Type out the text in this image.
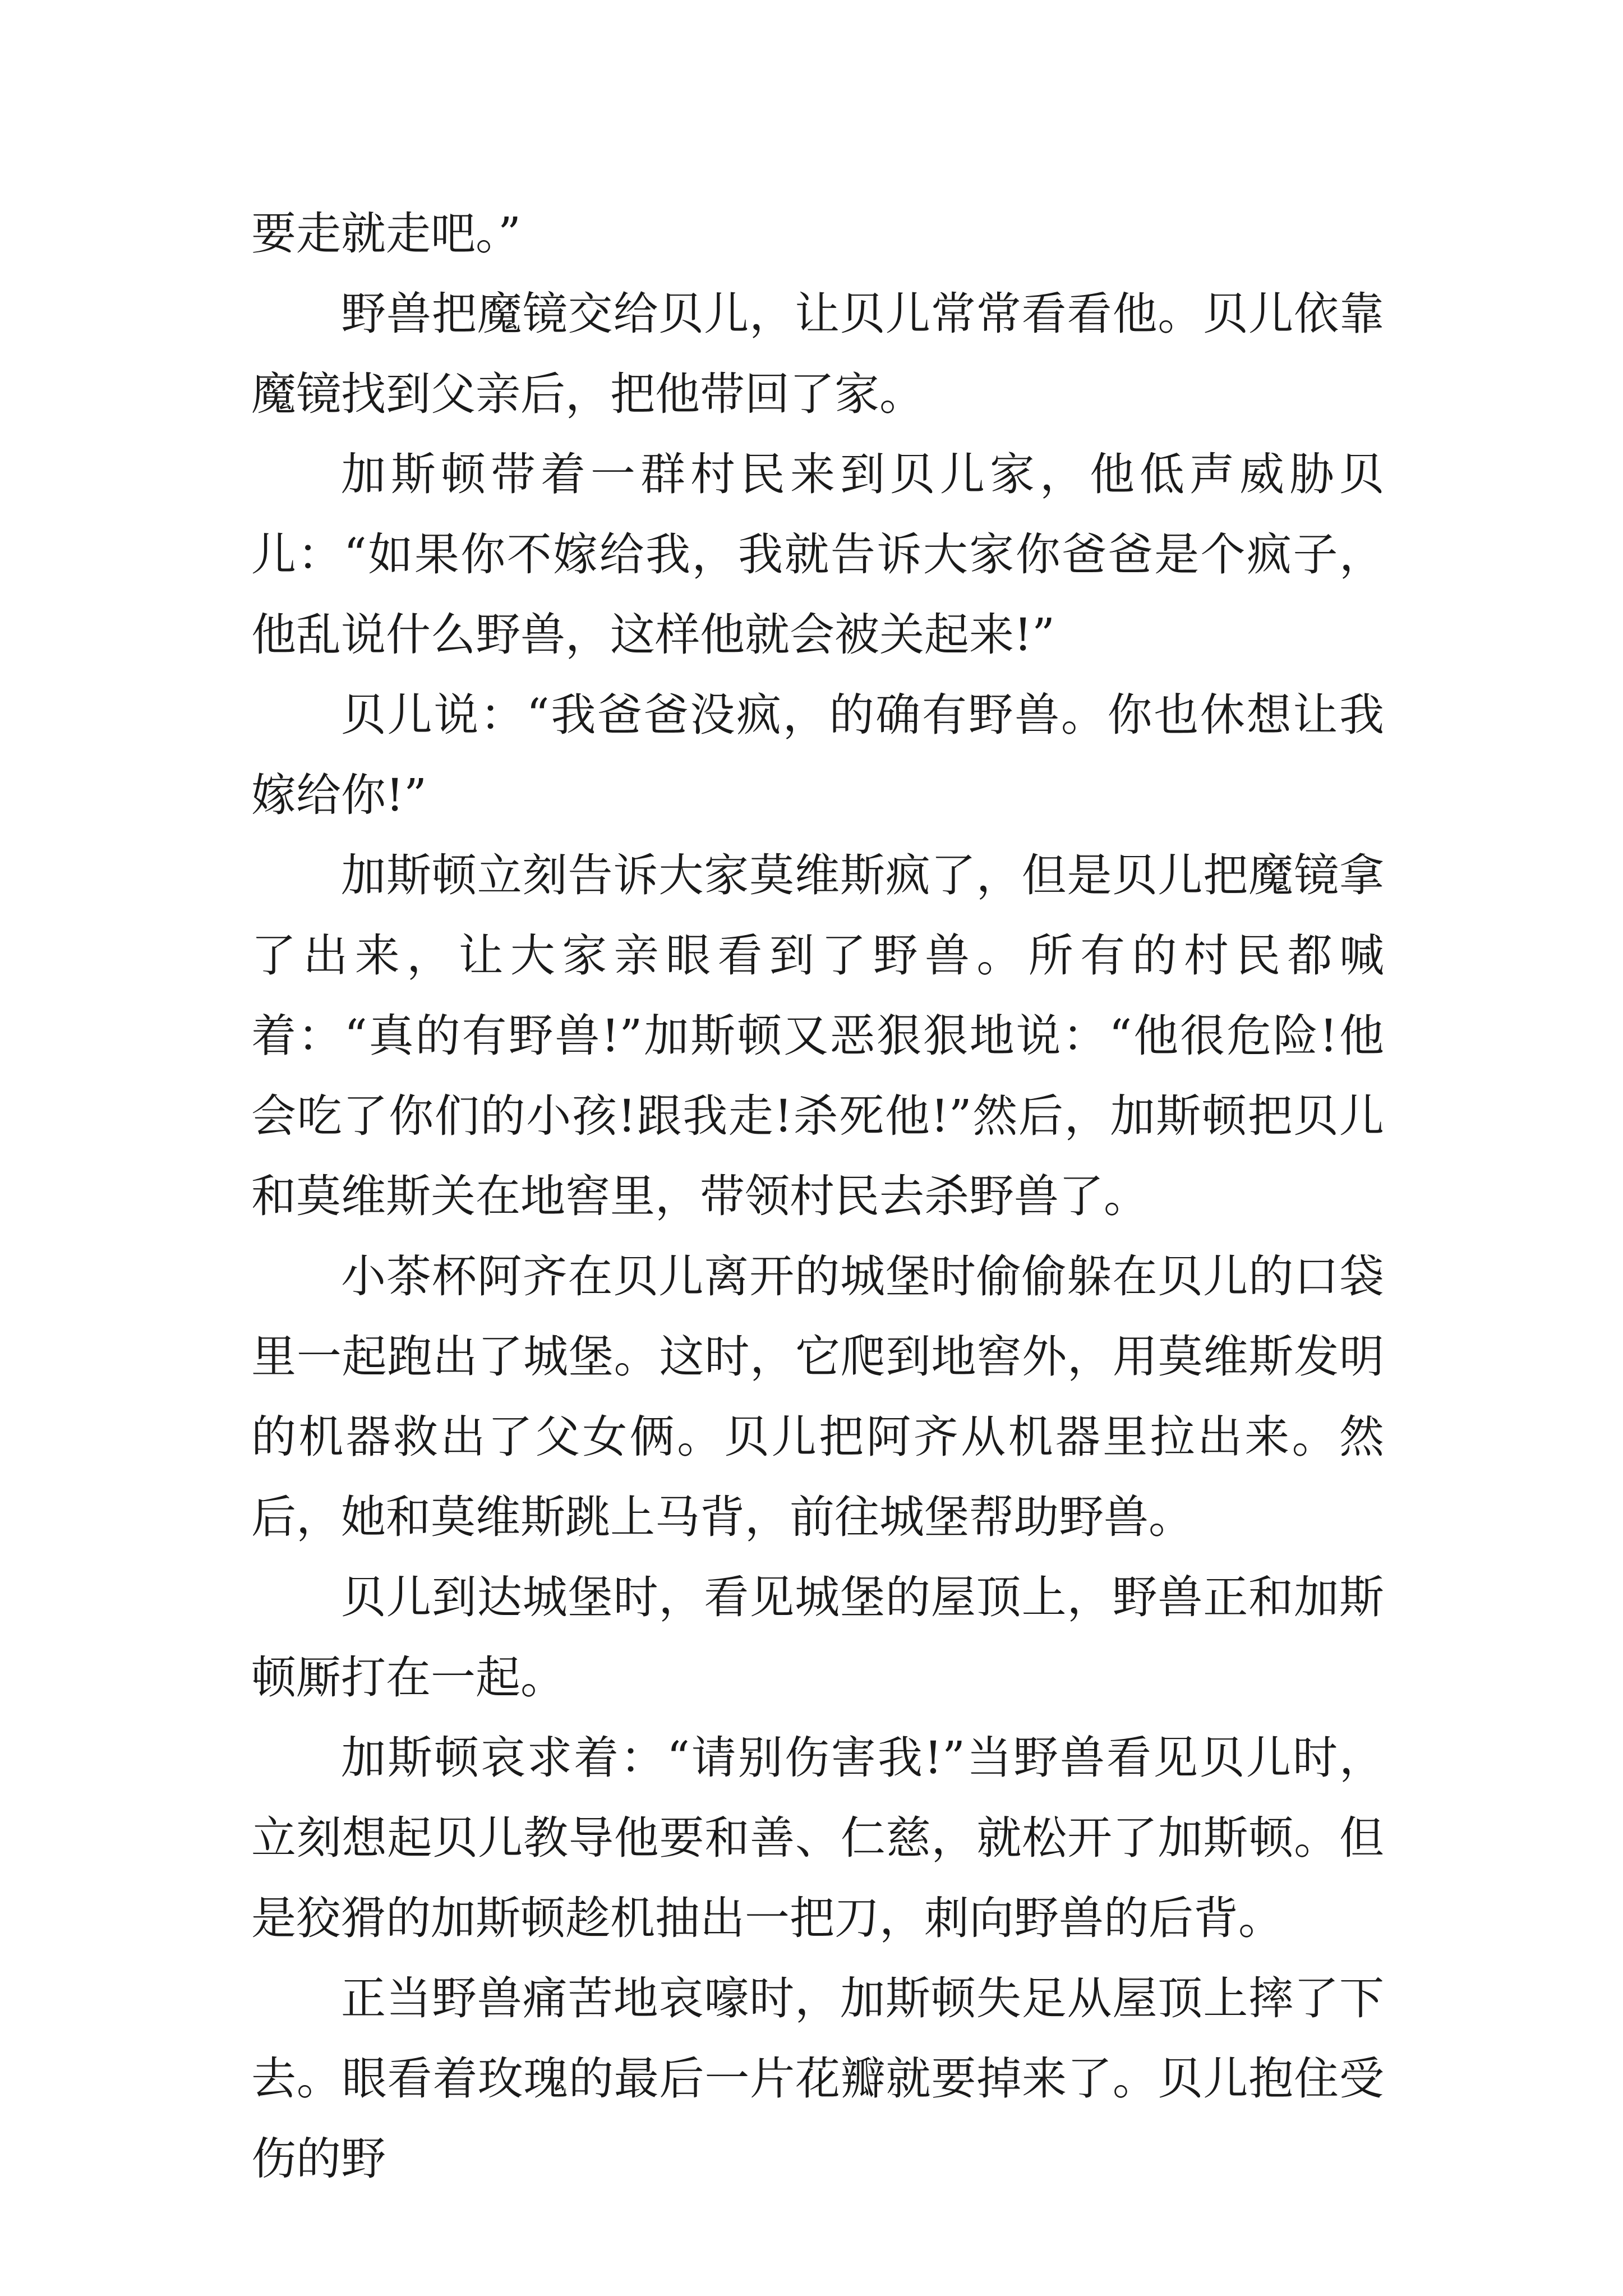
要走就走吧。”

野兽把魔镜交给贝儿，让贝儿常常看看他。贝儿依靠魔镜找到父亲后，把他带回了家。

加斯顿带着一群村民来到贝儿家，他低声威胁贝儿：“如果你不嫁给我，我就告诉大家你爸爸是个疯子，他乱说什么野兽，这样他就会被关起来!”

贝儿说：“我爸爸没疯，的确有野兽。你也休想让我嫁给你!”

加斯顿立刻告诉大家莫维斯疯了，但是贝儿把魔镜拿了出来，让大家亲眼看到了野兽。所有的村民都喊着：“真的有野兽!”加斯顿又恶狠狠地说：“他很危险!他会吃了你们的小孩!跟我走!杀死他!”然后，加斯顿把贝儿和莫维斯关在地窖里，带领村民去杀野兽了。

小茶杯阿齐在贝儿离开的城堡时偷偷躲在贝儿的口袋里一起跑出了城堡。这时，它爬到地窖外，用莫维斯发明的机器救出了父女俩。贝儿把阿齐从机器里拉出来。然后，她和莫维斯跳上马背，前往城堡帮助野兽。

贝儿到达城堡时，看见城堡的屋顶上，野兽正和加斯顿厮打在一起。

加斯顿哀求着：“请别伤害我!”当野兽看见贝儿时，立刻想起贝儿教导他要和善、仁慈，就松开了加斯顿。但是狡猾的加斯顿趁机抽出一把刀，刺向野兽的后背。

正当野兽痛苦地哀嚎时，加斯顿失足从屋顶上摔了下去。眼看着玫瑰的最后一片花瓣就要掉来了。贝儿抱住受伤的野
